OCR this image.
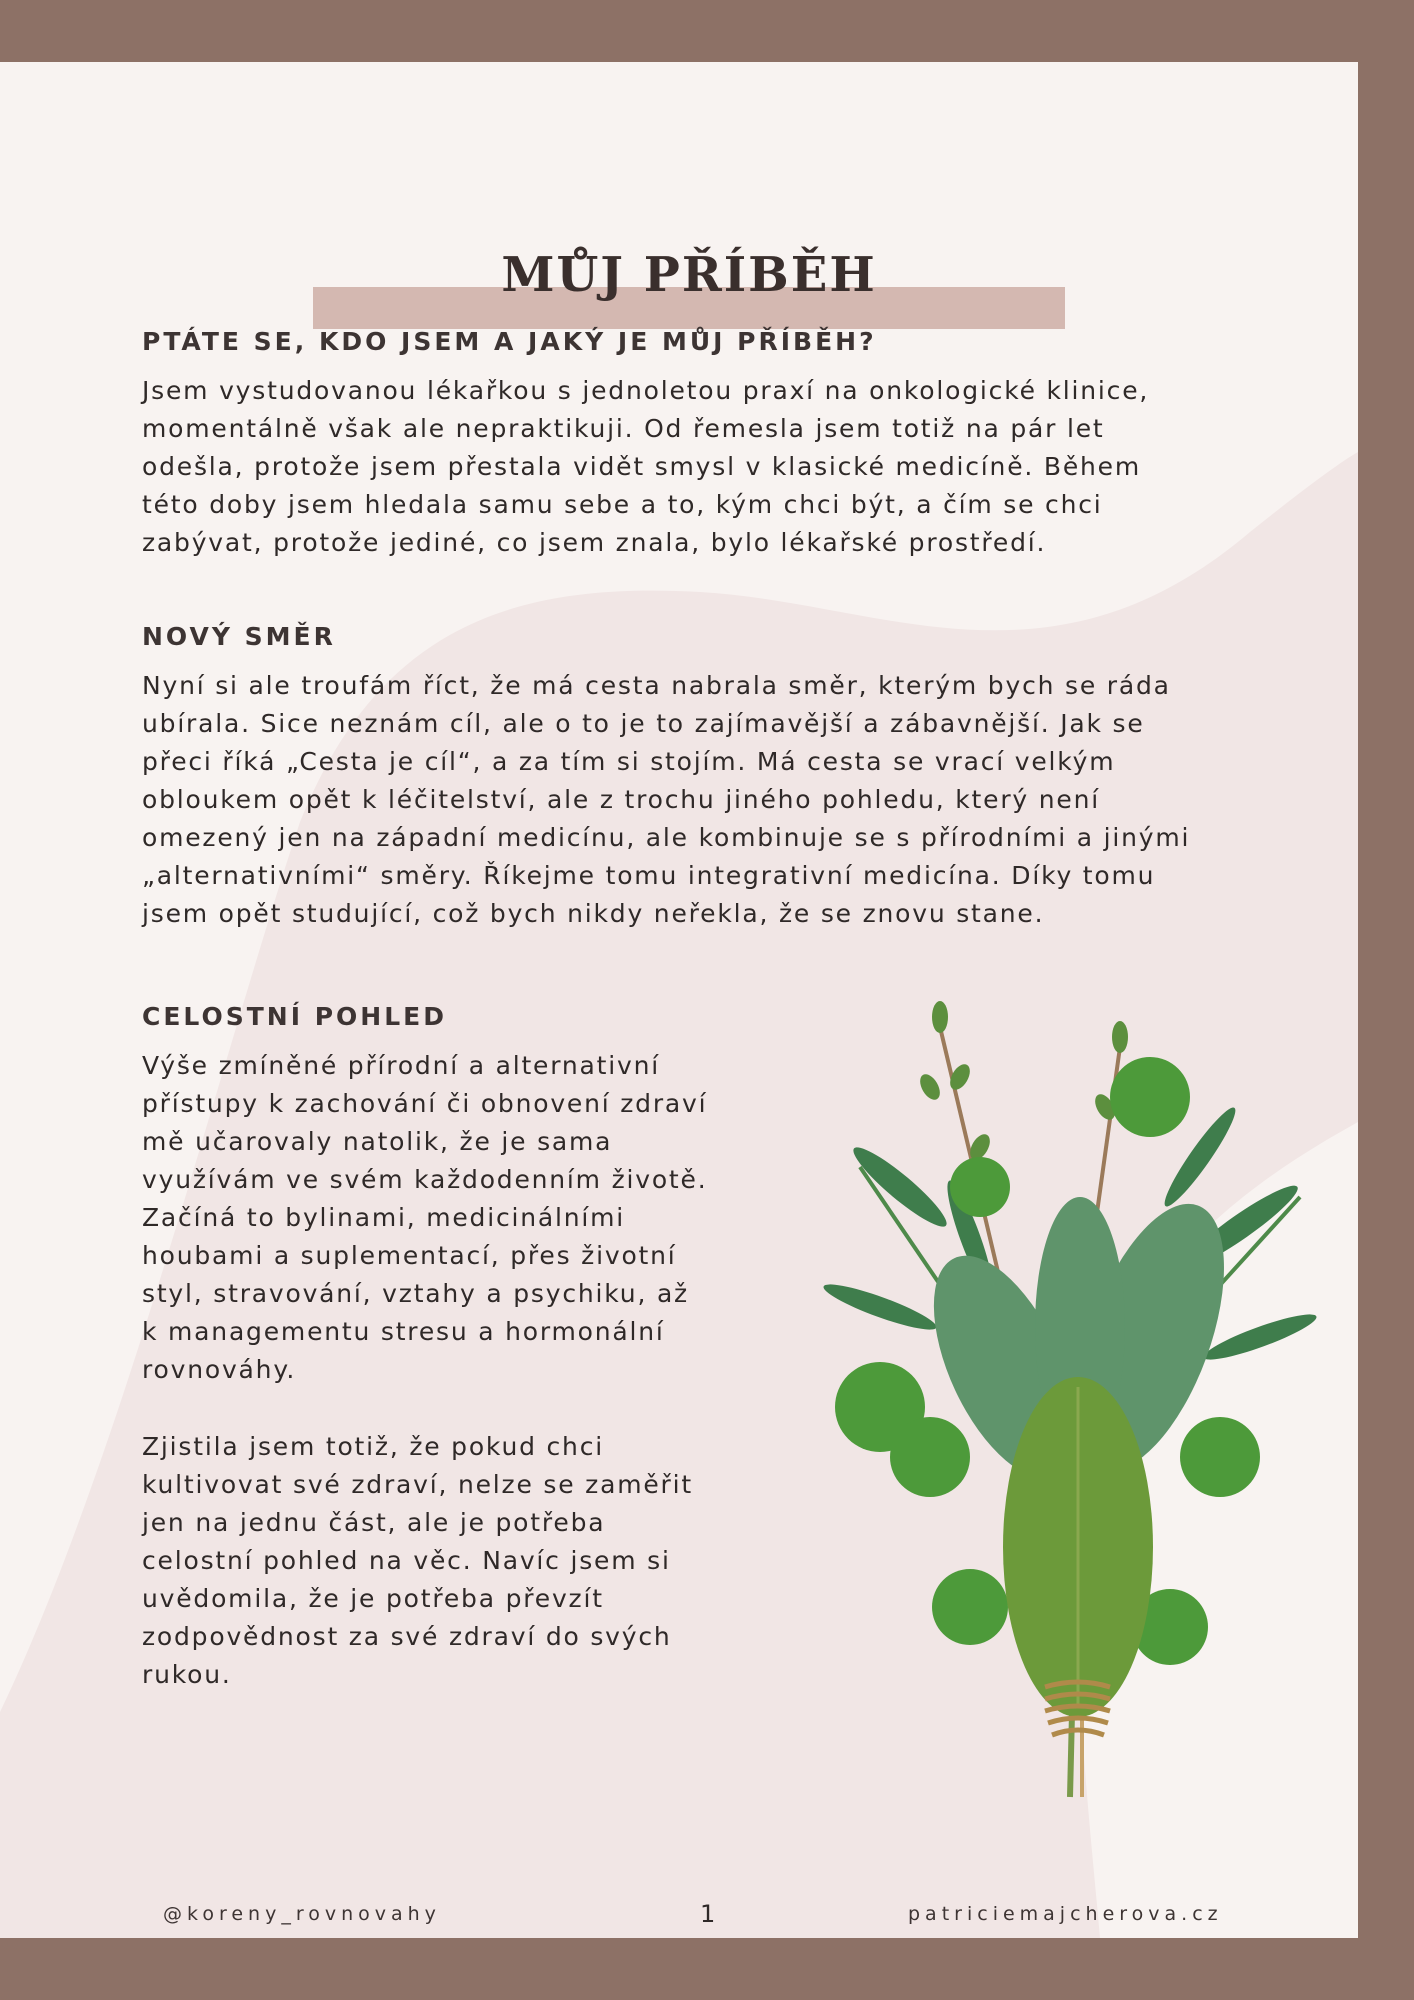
MŮJ PŘÍBĚH
PTÁTE SE, KDO JSEM A JAKÝ JE MŮJ PŘÍBĚH?

Jsem vystudovanou lékařkou s jednoletou praxí na onkologické klinice,
momentálně však ale nepraktikuji. Od řemesla jsem totiž na pár let
odešla, protože jsem přestala vidět smysl v klasické medicíně. Během
této doby jsem hledala samu sebe a to, kým chci být, a čím se chci
zabývat, protože jediné, co jsem znala, bylo lékařské prostředí.

NOVÝ SMĚR

Nyní si ale troufám říct, že má cesta nabrala směr, kterým bych se ráda
ubírala. Sice neznám cíl, ale o to je to zajímavější a zábavnější. Jak se
přeci říká „Cesta je cíl“, a za tím si stojím. Má cesta se vrací velkým
obloukem opět k léčitelství, ale z trochu jiného pohledu, který není
omezený jen na západní medicínu, ale kombinuje se s přírodními a jinými
„alternativními“ směry. Říkejme tomu integrativní medicína. Díky tomu
jsem opět studující, což bych nikdy neřekla, že se znovu stane.

CELOSTNÍ POHLED

Výše zmíněné přírodní a alternativní
přístupy k zachování či obnovení zdraví
mě učarovaly natolik, že je sama
využívám ve svém každodenním životě.
Začíná to bylinami, medicinálními
houbami a suplementací, přes životní
styl, stravování, vztahy a psychiku, až
k managementu stresu a hormonální
rovnováhy.

Zjistila jsem totiž, že pokud chci
kultivovat své zdraví, nelze se zaměřit
jen na jednu část, ale je potřeba
celostní pohled na věc. Navíc jsem si
uvědomila, že je potřeba převzít
zodpovědnost za své zdraví do svých
rukou.

@koreny_rovnovahy	1	patriciemajcherova.cz
